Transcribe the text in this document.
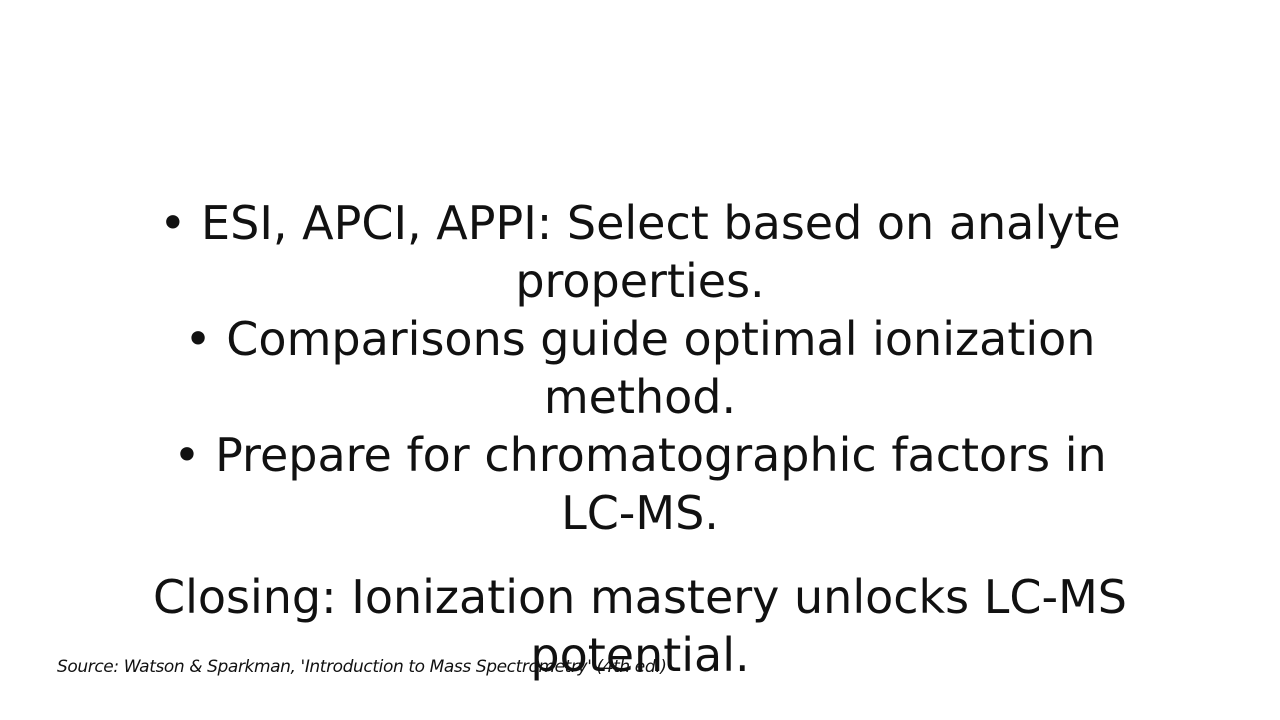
• ESI, APCI, APPI: Select based on analyte properties.
• Comparisons guide optimal ionization method.
• Prepare for chromatographic factors in LC-MS.
Closing: Ionization mastery unlocks LC-MS potential.
Source: Watson & Sparkman, 'Introduction to Mass Spectrometry' (4th ed.)
